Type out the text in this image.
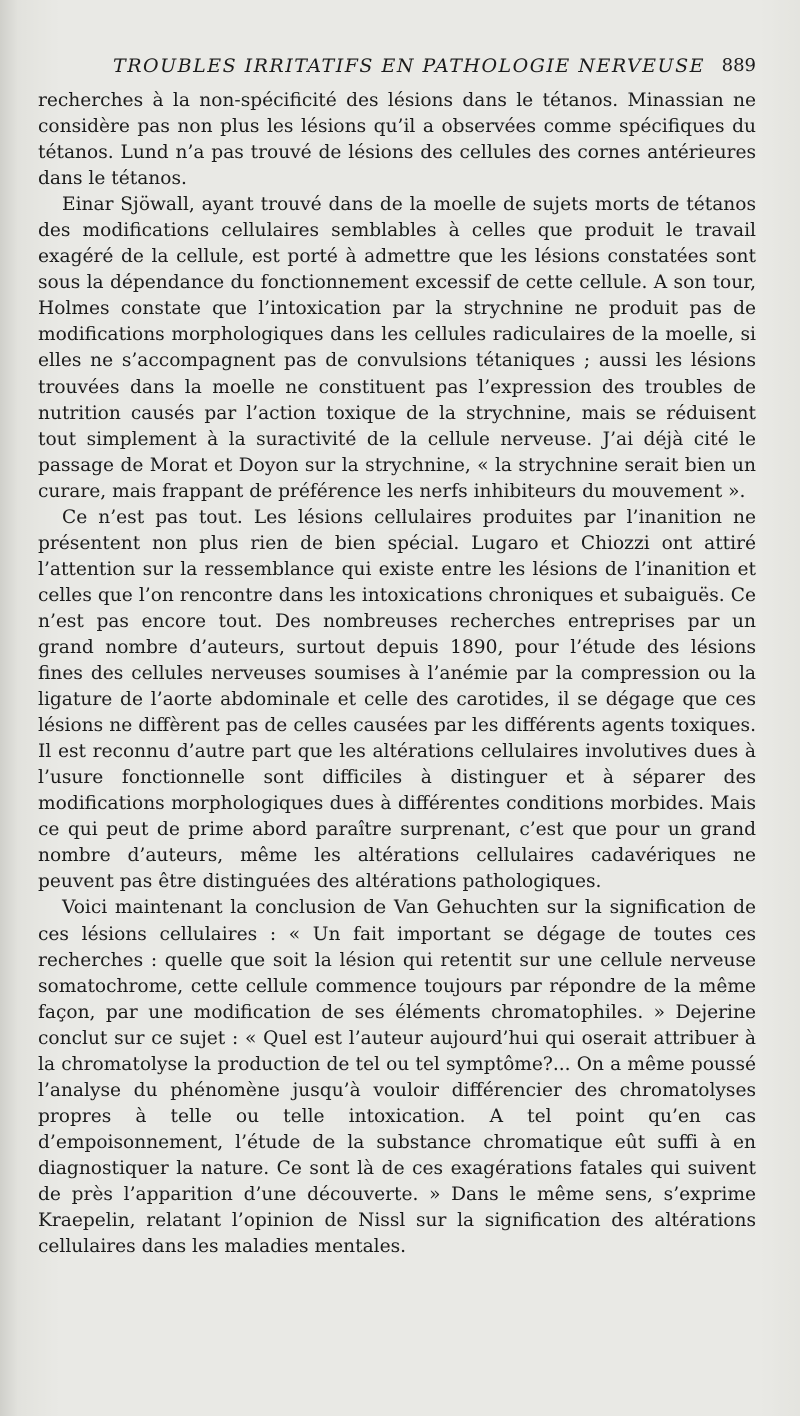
TROUBLES IRRITATIFS EN PATHOLOGIE NERVEUSE 889

recherches à la non-spécificité des lésions dans le tétanos. Minassian ne considère pas non plus les lésions qu’il a observées comme spécifiques du tétanos. Lund n’a pas trouvé de lésions des cellules des cornes antérieures dans le tétanos.

Einar Sjöwall, ayant trouvé dans de la moelle de sujets morts de tétanos des modifications cellulaires semblables à celles que produit le travail exagéré de la cellule, est porté à admettre que les lésions constatées sont sous la dépendance du fonctionnement excessif de cette cellule. A son tour, Holmes constate que l’intoxication par la strychnine ne produit pas de modifications morphologiques dans les cellules radiculaires de la moelle, si elles ne s’accompagnent pas de convulsions tétaniques ; aussi les lésions trouvées dans la moelle ne constituent pas l’expression des troubles de nutrition causés par l’action toxique de la strychnine, mais se réduisent tout simplement à la suractivité de la cellule nerveuse. J’ai déjà cité le passage de Morat et Doyon sur la strychnine, « la strychnine serait bien un curare, mais frappant de préférence les nerfs inhibiteurs du mouvement ».

Ce n’est pas tout. Les lésions cellulaires produites par l’inanition ne présentent non plus rien de bien spécial. Lugaro et Chiozzi ont attiré l’attention sur la ressemblance qui existe entre les lésions de l’inanition et celles que l’on rencontre dans les intoxications chroniques et subaiguës. Ce n’est pas encore tout. Des nombreuses recherches entreprises par un grand nombre d’auteurs, surtout depuis 1890, pour l’étude des lésions fines des cellules nerveuses soumises à l’anémie par la compression ou la ligature de l’aorte abdominale et celle des carotides, il se dégage que ces lésions ne diffèrent pas de celles causées par les différents agents toxiques. Il est reconnu d’autre part que les altérations cellulaires involutives dues à l’usure fonctionnelle sont difficiles à distinguer et à séparer des modifications morphologiques dues à différentes conditions morbides. Mais ce qui peut de prime abord paraître surprenant, c’est que pour un grand nombre d’auteurs, même les altérations cellulaires cadavériques ne peuvent pas être distinguées des altérations pathologiques.

Voici maintenant la conclusion de Van Gehuchten sur la signification de ces lésions cellulaires : « Un fait important se dégage de toutes ces recherches : quelle que soit la lésion qui retentit sur une cellule nerveuse somatochrome, cette cellule commence toujours par répondre de la même façon, par une modification de ses éléments chromatophiles. » Dejerine conclut sur ce sujet : « Quel est l’auteur aujourd’hui qui oserait attribuer à la chromatolyse la production de tel ou tel symptôme?... On a même poussé l’analyse du phénomène jusqu’à vouloir différencier des chromatolyses propres à telle ou telle intoxication. A tel point qu’en cas d’empoisonnement, l’étude de la substance chromatique eût suffi à en diagnostiquer la nature. Ce sont là de ces exagérations fatales qui suivent de près l’apparition d’une découverte. » Dans le même sens, s’exprime Kraepelin, relatant l’opinion de Nissl sur la signification des altérations cellulaires dans les maladies mentales.
